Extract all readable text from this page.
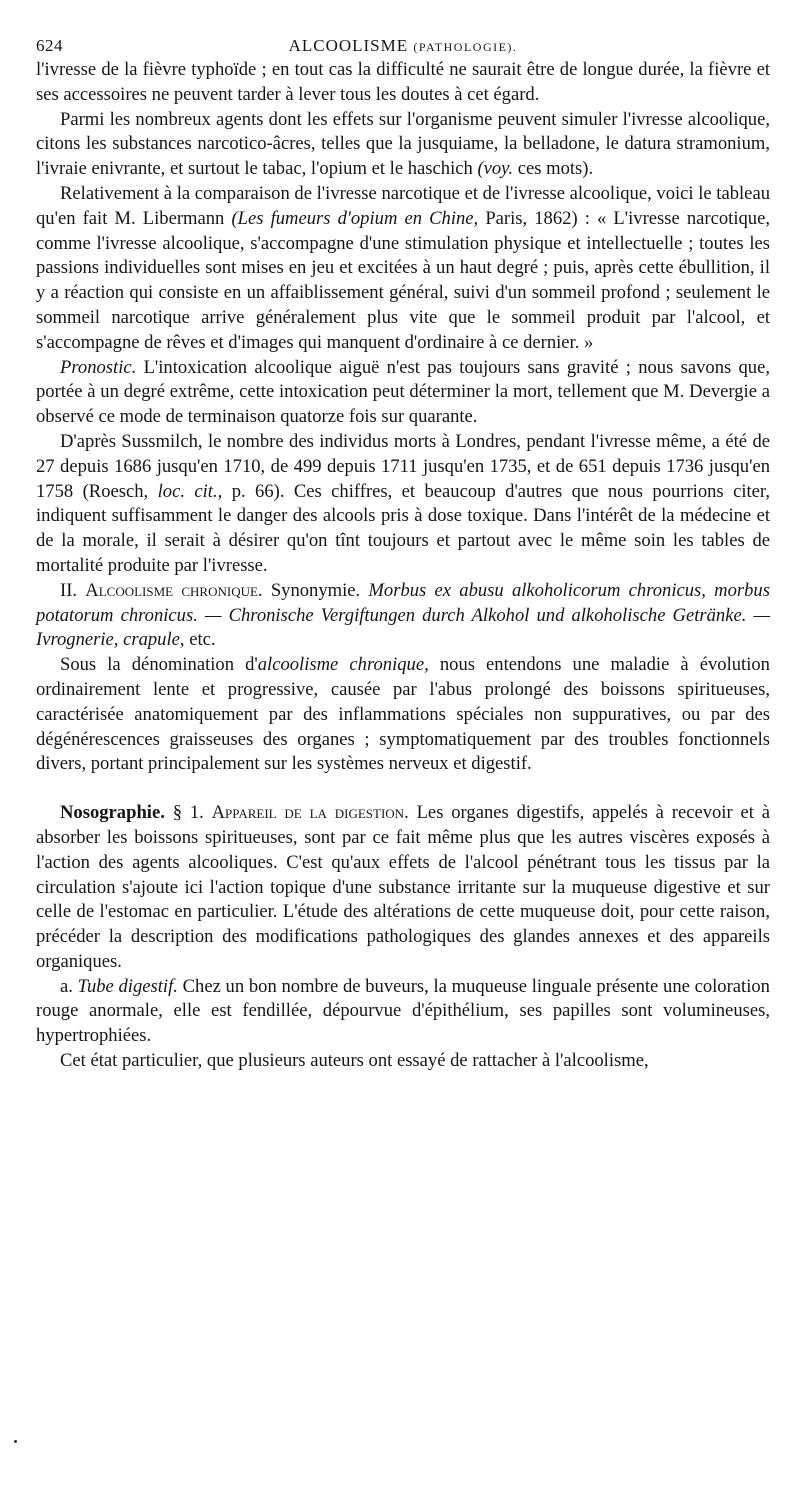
624	ALCOOLISME (PATHOLOGIE).

l'ivresse de la fièvre typhoïde ; en tout cas la difficulté ne saurait être de longue durée, la fièvre et ses accessoires ne peuvent tarder à lever tous les doutes à cet égard.

Parmi les nombreux agents dont les effets sur l'organisme peuvent simuler l'ivresse alcoolique, citons les substances narcotico-âcres, telles que la jusquiame, la belladone, le datura stramonium, l'ivraie enivrante, et surtout le tabac, l'opium et le haschich (voy. ces mots).

Relativement à la comparaison de l'ivresse narcotique et de l'ivresse alcoolique, voici le tableau qu'en fait M. Libermann (Les fumeurs d'opium en Chine, Paris, 1862) : « L'ivresse narcotique, comme l'ivresse alcoolique, s'accompagne d'une stimulation physique et intellectuelle ; toutes les passions individuelles sont mises en jeu et excitées à un haut degré ; puis, après cette ébullition, il y a réaction qui consiste en un affaiblissement général, suivi d'un sommeil profond ; seulement le sommeil narcotique arrive généralement plus vite que le sommeil produit par l'alcool, et s'accompagne de rêves et d'images qui manquent d'ordinaire à ce dernier. »

Pronostic. L'intoxication alcoolique aiguë n'est pas toujours sans gravité ; nous savons que, portée à un degré extrême, cette intoxication peut déterminer la mort, tellement que M. Devergie a observé ce mode de terminaison quatorze fois sur quarante.

D'après Sussmilch, le nombre des individus morts à Londres, pendant l'ivresse même, a été de 27 depuis 1686 jusqu'en 1710, de 499 depuis 1711 jusqu'en 1735, et de 651 depuis 1736 jusqu'en 1758 (Roesch, loc. cit., p. 66). Ces chiffres, et beaucoup d'autres que nous pourrions citer, indiquent suffisamment le danger des alcools pris à dose toxique. Dans l'intérêt de la médecine et de la morale, il serait à désirer qu'on tînt toujours et partout avec le même soin les tables de mortalité produite par l'ivresse.

II. Alcoolisme chronique. Synonymie. Morbus ex abusu alkoholicorum chronicus, morbus potatorum chronicus. — Chronische Vergiftungen durch Alkohol und alkoholische Getränke. — Ivrognerie, crapule, etc.

Sous la dénomination d'alcoolisme chronique, nous entendons une maladie à évolution ordinairement lente et progressive, causée par l'abus prolongé des boissons spiritueuses, caractérisée anatomiquement par des inflammations spéciales non suppuratives, ou par des dégénérescences graisseuses des organes ; symptomatiquement par des troubles fonctionnels divers, portant principalement sur les systèmes nerveux et digestif.

Nosographie. § 1. Appareil de la digestion. Les organes digestifs, appelés à recevoir et à absorber les boissons spiritueuses, sont par ce fait même plus que les autres viscères exposés à l'action des agents alcooliques. C'est qu'aux effets de l'alcool pénétrant tous les tissus par la circulation s'ajoute ici l'action topique d'une substance irritante sur la muqueuse digestive et sur celle de l'estomac en particulier. L'étude des altérations de cette muqueuse doit, pour cette raison, précéder la description des modifications pathologiques des glandes annexes et des appareils organiques.

a. Tube digestif. Chez un bon nombre de buveurs, la muqueuse linguale présente une coloration rouge anormale, elle est fendillée, dépourvue d'épithélium, ses papilles sont volumineuses, hypertrophiées.

Cet état particulier, que plusieurs auteurs ont essayé de rattacher à l'alcoolisme,
